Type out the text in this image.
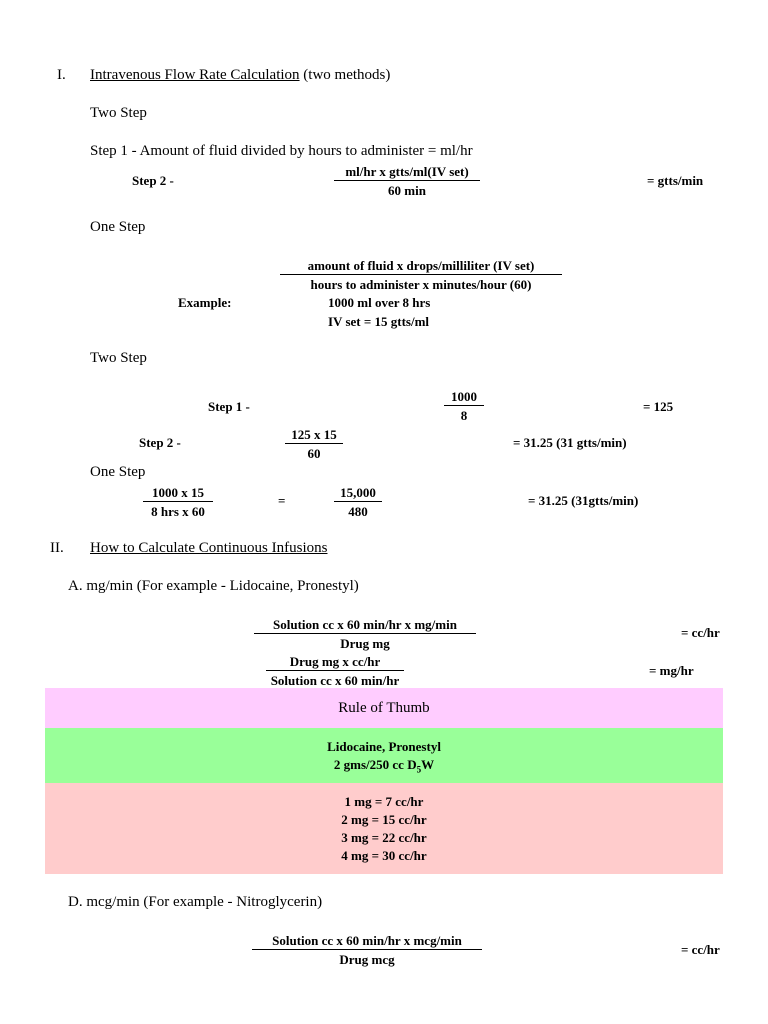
I. Intravenous Flow Rate Calculation (two methods)
Two Step
Step 1 - Amount of fluid divided by hours to administer = ml/hr
Step 2 -
ml/hr x gtts/ml(IV set)
60 min
= gtts/min
One Step
amount of fluid x drops/milliliter (IV set)
hours to administer x minutes/hour (60)
Example:	1000 ml over 8 hrs
IV set = 15 gtts/ml
Two Step
Step 1 -	$\frac{1000}{8}$	= 125
Step 2 -	$\frac{125 x 15}{60}$	= 31.25 (31 gtts/min)
One Step
1000 x 15
8 hrs x 60
=	$\frac{15,000}{480}$	= 31.25 (31gtts/min)
II. How to Calculate Continuous Infusions
A. mg/min (For example - Lidocaine, Pronestyl)
Solution cc x 60 min/hr x mg/min
Drug mg
= cc/hr
Drug mg x cc/hr
Solution cc x 60 min/hr
= mg/hr
Rule of Thumb
Lidocaine, Pronestyl
2 gms/250 cc $D_5W$
1 mg = 7 cc/hr
2 mg = 15 cc/hr
3 mg = 22 cc/hr
4 mg = 30 cc/hr
D. mcg/min (For example - Nitroglycerin)
Solution cc x 60 min/hr x mcg/min
Drug mcg
= cc/hr
